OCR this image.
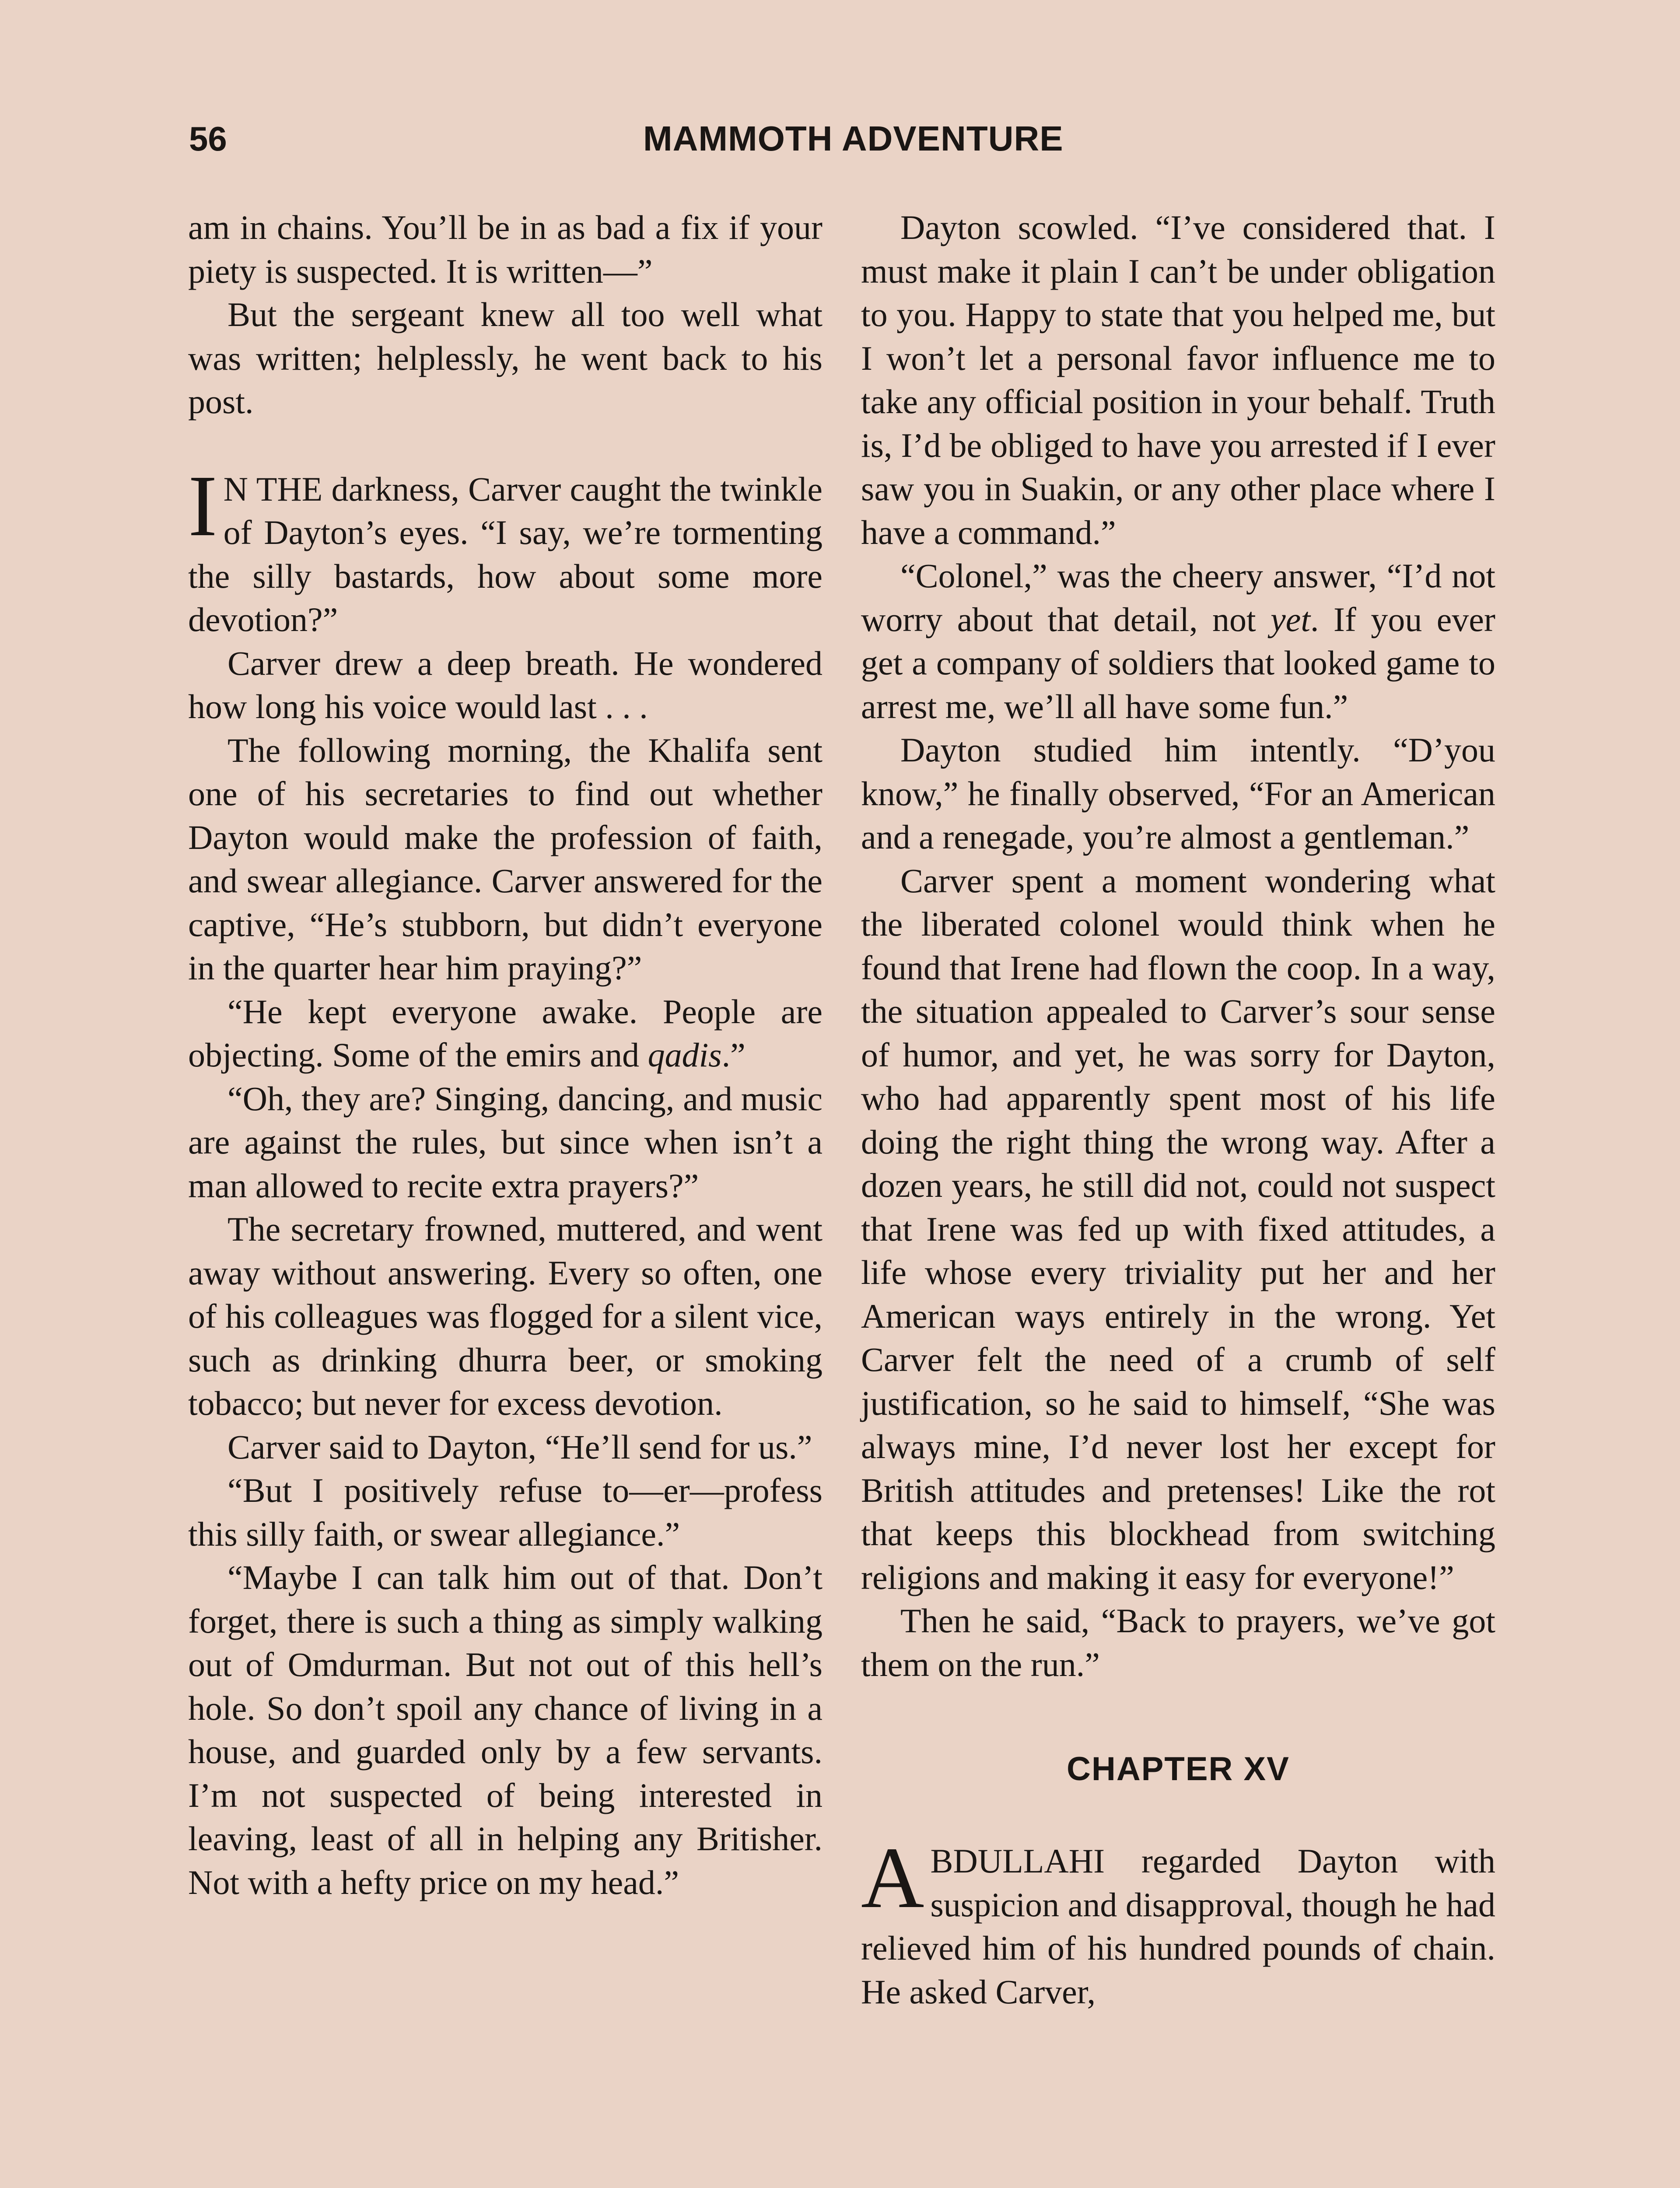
56	MAMMOTH ADVENTURE

am in chains. You’ll be in as bad a fix if your piety is suspected. It is written—”

But the sergeant knew all too well what was written; helplessly, he went back to his post.

I N THE darkness, Carver caught the twinkle of Dayton’s eyes. “I say, we’re tormenting the silly bastards, how about some more devotion?”

Carver drew a deep breath. He wondered how long his voice would last . . .

The following morning, the Khalifa sent one of his secretaries to find out whether Dayton would make the profession of faith, and swear allegiance. Carver answered for the captive, “He’s stubborn, but didn’t everyone in the quarter hear him praying?”

“He kept everyone awake. People are objecting. Some of the emirs and qadis.”

“Oh, they are? Singing, dancing, and music are against the rules, but since when isn’t a man allowed to recite extra prayers?”

The secretary frowned, muttered, and went away without answering. Every so often, one of his colleagues was flogged for a silent vice, such as drinking dhurra beer, or smoking tobacco; but never for excess devotion.

Carver said to Dayton, “He’ll send for us.”

“But I positively refuse to—er—profess this silly faith, or swear allegiance.”

“Maybe I can talk him out of that. Don’t forget, there is such a thing as simply walking out of Omdurman. But not out of this hell’s hole. So don’t spoil any chance of living in a house, and guarded only by a few servants. I’m not suspected of being interested in leaving, least of all in helping any Britisher. Not with a hefty price on my head.”

Dayton scowled. “I’ve considered that. I must make it plain I can’t be under obligation to you. Happy to state that you helped me, but I won’t let a personal favor influence me to take any official position in your behalf. Truth is, I’d be obliged to have you arrested if I ever saw you in Suakin, or any other place where I have a command.”

“Colonel,” was the cheery answer, “I’d not worry about that detail, not yet. If you ever get a company of soldiers that looked game to arrest me, we’ll all have some fun.”

Dayton studied him intently. “D’you know,” he finally observed, “For an American and a renegade, you’re almost a gentleman.”

Carver spent a moment wondering what the liberated colonel would think when he found that Irene had flown the coop. In a way, the situation appealed to Carver’s sour sense of humor, and yet, he was sorry for Dayton, who had apparently spent most of his life doing the right thing the wrong way. After a dozen years, he still did not, could not suspect that Irene was fed up with fixed attitudes, a life whose every triviality put her and her American ways entirely in the wrong. Yet Carver felt the need of a crumb of self justification, so he said to himself, “She was always mine, I’d never lost her except for British attitudes and pretenses! Like the rot that keeps this blockhead from switching religions and making it easy for everyone!”

Then he said, “Back to prayers, we’ve got them on the run.”

CHAPTER XV

ABDULLAHI regarded Dayton with suspicion and disapproval, though he had relieved him of his hundred pounds of chain. He asked Carver,
